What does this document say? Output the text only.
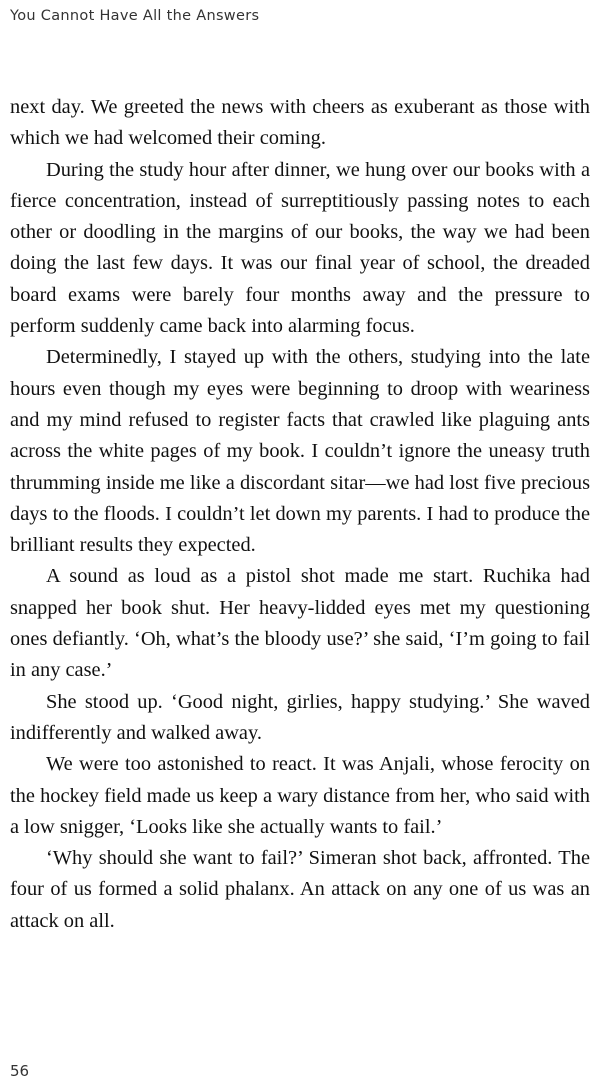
You Cannot Have All the Answers

next day. We greeted the news with cheers as exuberant as those with which we had welcomed their coming.

During the study hour after dinner, we hung over our books with a fierce concentration, instead of surreptitiously passing notes to each other or doodling in the margins of our books, the way we had been doing the last few days. It was our final year of school, the dreaded board exams were barely four months away and the pressure to perform suddenly came back into alarming focus.

Determinedly, I stayed up with the others, studying into the late hours even though my eyes were beginning to droop with weariness and my mind refused to register facts that crawled like plaguing ants across the white pages of my book. I couldn’t ignore the uneasy truth thrumming inside me like a discordant sitar—we had lost five precious days to the floods. I couldn’t let down my parents. I had to produce the brilliant results they expected.

A sound as loud as a pistol shot made me start. Ruchika had snapped her book shut. Her heavy-lidded eyes met my questioning ones defiantly. ‘Oh, what’s the bloody use?’ she said, ‘I’m going to fail in any case.’

She stood up. ‘Good night, girlies, happy studying.’ She waved indifferently and walked away.

We were too astonished to react. It was Anjali, whose ferocity on the hockey field made us keep a wary distance from her, who said with a low snigger, ‘Looks like she actually wants to fail.’

‘Why should she want to fail?’ Simeran shot back, affronted. The four of us formed a solid phalanx. An attack on any one of us was an attack on all.

56
